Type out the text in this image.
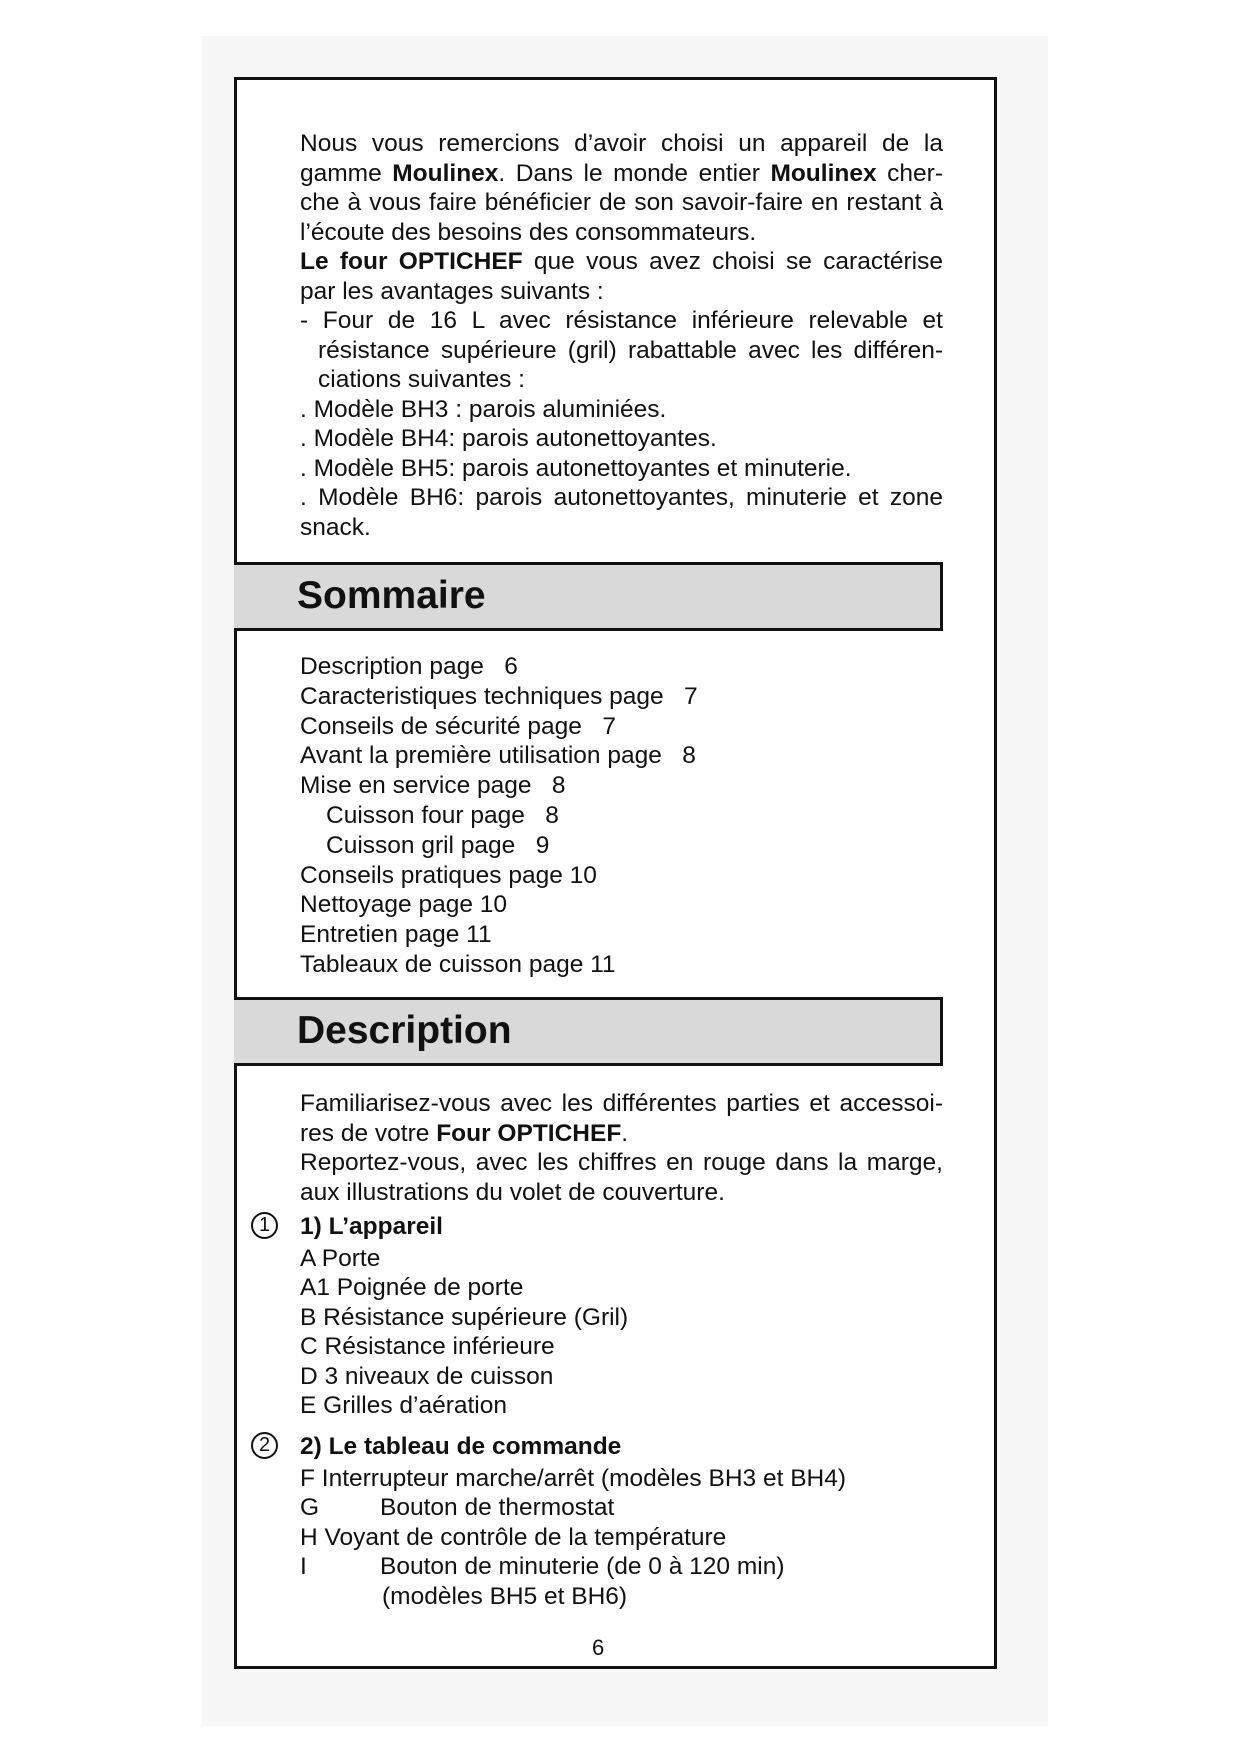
Nous vous remercions d’avoir choisi un appareil de la

gamme Moulinex. Dans le monde entier Moulinex cher-

che à vous faire bénéficier de son savoir-faire en restant à

l’écoute des besoins des consommateurs.

Le four OPTICHEF que vous avez choisi se caractérise

par les avantages suivants :

- Four de 16 L avec résistance inférieure relevable et

résistance supérieure (gril) rabattable avec les différen-

ciations suivantes :

. Modèle BH3 : parois aluminiées.

. Modèle BH4: parois autonettoyantes.

. Modèle BH5: parois autonettoyantes et minuterie.

. Modèle BH6: parois autonettoyantes, minuterie et zone

snack.

Sommaire

Description page   6

Caracteristiques techniques page   7

Conseils de sécurité page   7

Avant la première utilisation page   8

Mise en service page   8

Cuisson four page   8

Cuisson gril page   9

Conseils pratiques page 10

Nettoyage page 10

Entretien page 11

Tableaux de cuisson page 11

Description

Familiarisez-vous avec les différentes parties et accessoi-

res de votre Four OPTICHEF.

Reportez-vous, avec les chiffres en rouge dans la marge,

aux illustrations du volet de couverture.

1	1) L’appareil

A Porte

A1 Poignée de porte

B Résistance supérieure (Gril)

C Résistance inférieure

D 3 niveaux de cuisson

E Grilles d’aération

2	2) Le tableau de commande

F Interrupteur marche/arrêt (modèles BH3 et BH4)

G Bouton de thermostat

H Voyant de contrôle de la température

I	Bouton de minuterie (de 0 à 120 min)

(modèles BH5 et BH6)

6
